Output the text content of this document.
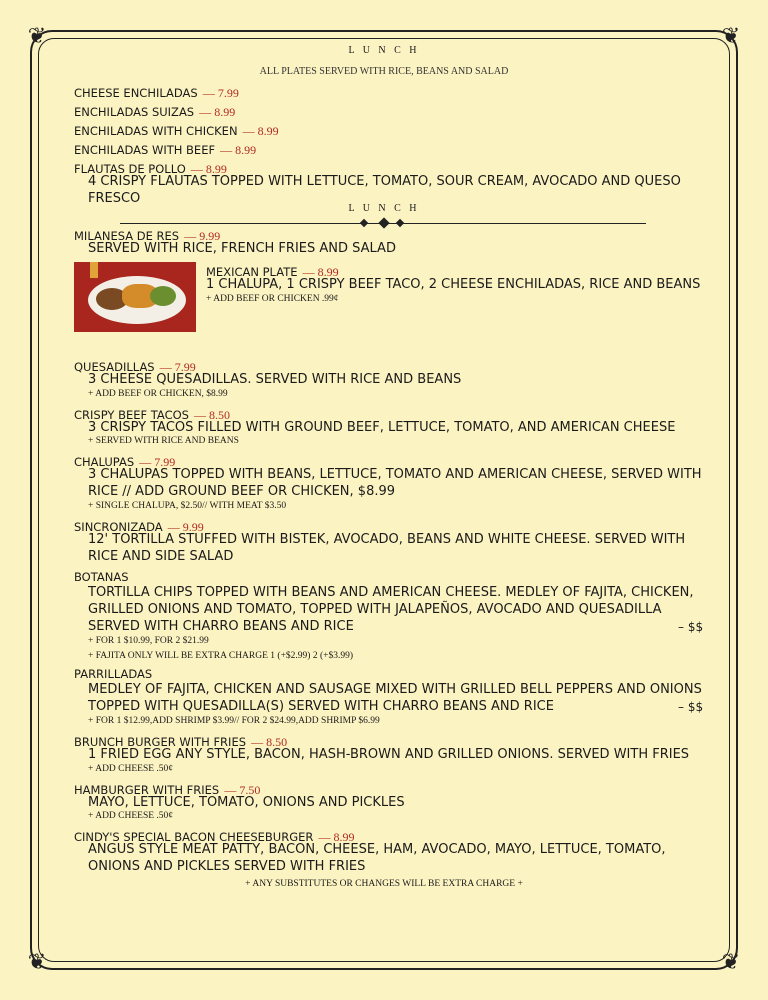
❦	❦
❦	❦
L U N C H
ALL PLATES SERVED WITH RICE, BEANS AND SALAD
CHEESE ENCHILADAS — 7.99
ENCHILADAS SUIZAS — 8.99
ENCHILADAS WITH CHICKEN — 8.99
ENCHILADAS WITH BEEF — 8.99
FLAUTAS DE POLLO — 8.99
4 CRISPY FLAUTAS TOPPED WITH LETTUCE, TOMATO, SOUR CREAM, AVOCADO AND QUESO
FRESCO
L U N C H
MILANESA DE RES — 9.99
SERVED WITH RICE, FRENCH FRIES AND SALAD
MEXICAN PLATE — 8.99
1 CHALUPA, 1 CRISPY BEEF TACO, 2 CHEESE ENCHILADAS, RICE AND BEANS
+ ADD BEEF OR CHICKEN .99¢
QUESADILLAS — 7.99
3 CHEESE QUESADILLAS. SERVED WITH RICE AND BEANS
+ ADD BEEF OR CHICKEN, $8.99
CRISPY BEEF TACOS — 8.50
3 CRISPY TACOS FILLED WITH GROUND BEEF, LETTUCE, TOMATO, AND AMERICAN CHEESE
+ SERVED WITH RICE AND BEANS
CHALUPAS — 7.99
3 CHALUPAS TOPPED WITH BEANS, LETTUCE, TOMATO AND AMERICAN CHEESE, SERVED WITH
RICE // ADD GROUND BEEF OR CHICKEN, $8.99
+ SINGLE CHALUPA, $2.50// WITH MEAT $3.50
SINCRONIZADA — 9.99
12' TORTILLA STUFFED WITH BISTEK, AVOCADO, BEANS AND WHITE CHEESE. SERVED WITH
RICE AND SIDE SALAD
BOTANAS
TORTILLA CHIPS TOPPED WITH BEANS AND AMERICAN CHEESE. MEDLEY OF FAJITA, CHICKEN,
GRILLED ONIONS AND TOMATO, TOPPED WITH JALAPEÑOS, AVOCADO AND QUESADILLA
SERVED WITH CHARRO BEANS AND RICE	– $$
+ FOR 1 $10.99, FOR 2 $21.99
+ FAJITA ONLY WILL BE EXTRA CHARGE 1 (+$2.99) 2 (+$3.99)
PARRILLADAS
MEDLEY OF FAJITA, CHICKEN AND SAUSAGE MIXED WITH GRILLED BELL PEPPERS AND ONIONS
TOPPED WITH QUESADILLA(S) SERVED WITH CHARRO BEANS AND RICE	– $$
+ FOR 1 $12.99,ADD SHRIMP $3.99// FOR 2 $24.99,ADD SHRIMP $6.99
BRUNCH BURGER WITH FRIES — 8.50
1 FRIED EGG ANY STYLE, BACON, HASH-BROWN AND GRILLED ONIONS. SERVED WITH FRIES
+ ADD CHEESE .50¢
HAMBURGER WITH FRIES — 7.50
MAYO, LETTUCE, TOMATO, ONIONS AND PICKLES
+ ADD CHEESE .50¢
CINDY'S SPECIAL BACON CHEESEBURGER — 8.99
ANGUS STYLE MEAT PATTY, BACON, CHEESE, HAM, AVOCADO, MAYO, LETTUCE, TOMATO,
ONIONS AND PICKLES SERVED WITH FRIES
+ ANY SUBSTITUTES OR CHANGES WILL BE EXTRA CHARGE +
